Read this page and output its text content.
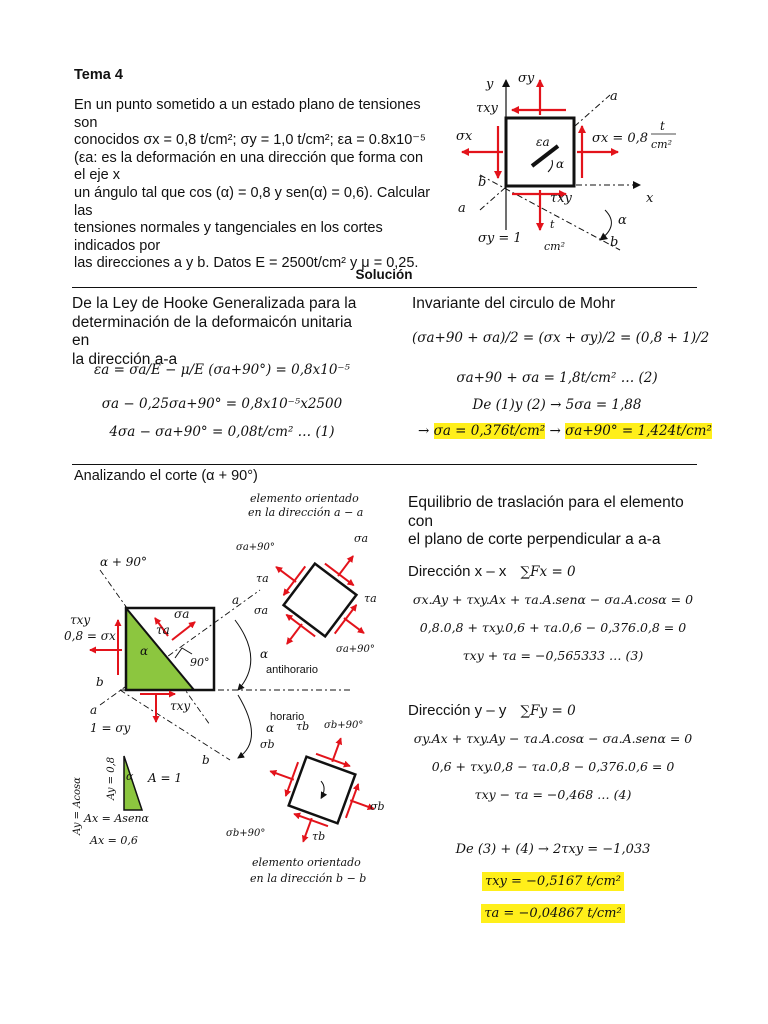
Tema 4
En un punto sometido a un estado plano de tensiones son
conocidos σx = 0,8 t/cm²; σy = 1,0 t/cm²; εa = 0.8x10⁻⁵
(εa: es la deformación en una dirección que forma con el eje x
un ángulo tal que cos (α) = 0,8 y sen(α) = 0,6). Calcular las
tensiones normales y tangenciales en los cortes indicados por
las direcciones a y b. Datos E = 2500t/cm² y μ = 0,25.
y σy
τxy
σx	σx = 0,8
t
cm²
εa
α
a
b
a
τxy	x
σy = 1
t
cm²
α
b
Solución
De la Ley de Hooke Generalizada para la
determinación de la deformaicón unitaria en
la dirección a-a
εa = σa/E − μ/E (σa+90°) = 0,8x10⁻⁵
σa − 0,25σa+90° = 0,8x10⁻⁵x2500
4σa − σa+90° = 0,08t/cm² … (1)
Invariante del circulo de Mohr
(σa+90 + σa)/2 = (σx + σy)/2 = (0,8 + 1)/2
σa+90 + σa = 1,8t/cm² … (2)
De (1)y (2) → 5σa = 1,88
→ σa = 0,376t/cm² → σa+90° = 1,424t/cm²
Analizando el corte (α + 90°)
elemento orientado
en la dirección a − a
α + 90°
τxy
0,8 = σx
α
σa
τa
90°
b
a	τxy
1 = σy
σa+90°
σa
τa
a
σa
τa
σa+90°
α
antihorario
horario
α τb σb+90°
σb
b
σb
σb+90°	τb
Ay = Acosα Ay = 0,8 α A = 1
Ax = Asenα
Ax = 0,6
elemento orientado
en la dirección b − b
Equilibrio de traslación para el elemento con
el plano de corte perpendicular a a-a
Dirección x – x ∑Fx = 0
σx.Ay + τxy.Ax + τa.A.senα − σa.A.cosα = 0
0,8.0,8 + τxy.0,6 + τa.0,6 − 0,376.0,8 = 0
τxy + τa = −0,565333 … (3)
Dirección y – y ∑Fy = 0
σy.Ax + τxy.Ay − τa.A.cosα − σa.A.senα = 0
0,6 + τxy.0,8 − τa.0,8 − 0,376.0,6 = 0
τxy − τa = −0,468 … (4)
De (3) + (4) → 2τxy = −1,033
τxy = −0,5167 t/cm²
τa = −0,04867 t/cm²
